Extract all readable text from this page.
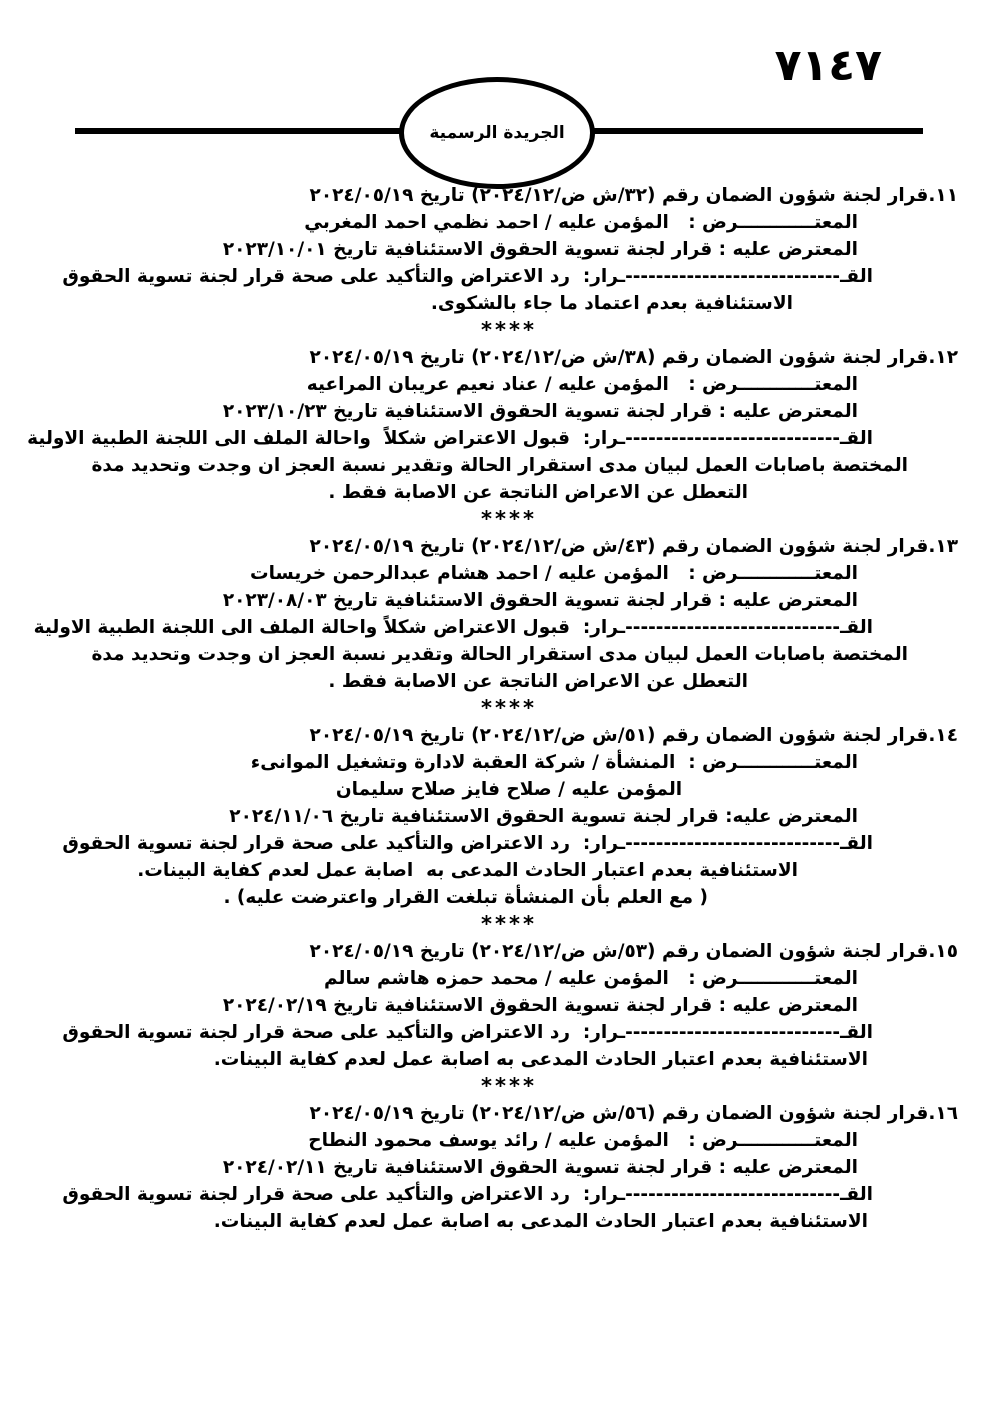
٧١٤٧
الجريدة الرسمية
١١.قرار لجنة شؤون الضمان رقم (٣٢/ش ض/٢٠٢٤/١٢) تاريخ ٢٠٢٤/٠٥/١٩
المعتــــــــــــرض :   المؤمن عليه / احمد نظمي احمد المغربي
المعترض عليه : قرار لجنة تسوية الحقوق الاستئنافية تاريخ ٢٠٢٣/١٠/٠١
القـ----------------------------ـرار:  رد الاعتراض والتأكيد على صحة قرار لجنة تسوية الحقوق
الاستئنافية بعدم اعتماد ما جاء بالشكوى.
****
١٢.قرار لجنة شؤون الضمان رقم (٣٨/ش ض/٢٠٢٤/١٢) تاريخ ٢٠٢٤/٠٥/١٩
المعتــــــــــــرض :   المؤمن عليه / عناد نعيم عريبان المراعيه
المعترض عليه : قرار لجنة تسوية الحقوق الاستئنافية تاريخ ٢٠٢٣/١٠/٢٣
القـ----------------------------ـرار:  قبول الاعتراض شكلاً  واحالة الملف الى اللجنة الطبية الاولية
المختصة باصابات العمل لبيان مدى استقرار الحالة وتقدير نسبة العجز ان وجدت وتحديد مدة
التعطل عن الاعراض الناتجة عن الاصابة فقط .
****
١٣.قرار لجنة شؤون الضمان رقم (٤٣/ش ض/٢٠٢٤/١٢) تاريخ ٢٠٢٤/٠٥/١٩
المعتــــــــــــرض :   المؤمن عليه / احمد هشام عبدالرحمن خريسات
المعترض عليه : قرار لجنة تسوية الحقوق الاستئنافية تاريخ ٢٠٢٣/٠٨/٠٣
القـ----------------------------ـرار:  قبول الاعتراض شكلاً واحالة الملف الى اللجنة الطبية الاولية
المختصة باصابات العمل لبيان مدى استقرار الحالة وتقدير نسبة العجز ان وجدت وتحديد مدة
التعطل عن الاعراض الناتجة عن الاصابة فقط .
****
١٤.قرار لجنة شؤون الضمان رقم (٥١/ش ض/٢٠٢٤/١٢) تاريخ ٢٠٢٤/٠٥/١٩
المعتــــــــــــرض :  المنشأة / شركة العقبة لادارة وتشغيل الموانىء
المؤمن عليه / صلاح فايز صلاح سليمان
المعترض عليه: قرار لجنة تسوية الحقوق الاستئنافية تاريخ ٢٠٢٤/١١/٠٦
القـ----------------------------ـرار:  رد الاعتراض والتأكيد على صحة قرار لجنة تسوية الحقوق
الاستئنافية بعدم اعتبار الحادث المدعى به  اصابة عمل لعدم كفاية البينات.
( مع العلم بأن المنشأة تبلغت القرار واعترضت عليه) .
****
١٥.قرار لجنة شؤون الضمان رقم (٥٣/ش ض/٢٠٢٤/١٢) تاريخ ٢٠٢٤/٠٥/١٩
المعتــــــــــــرض :   المؤمن عليه / محمد حمزه هاشم سالم
المعترض عليه : قرار لجنة تسوية الحقوق الاستئنافية تاريخ ٢٠٢٤/٠٢/١٩
القـ----------------------------ـرار:  رد الاعتراض والتأكيد على صحة قرار لجنة تسوية الحقوق
الاستئنافية بعدم اعتبار الحادث المدعى به اصابة عمل لعدم كفاية البينات.
****
١٦.قرار لجنة شؤون الضمان رقم (٥٦/ش ض/٢٠٢٤/١٢) تاريخ ٢٠٢٤/٠٥/١٩
المعتــــــــــــرض :   المؤمن عليه / رائد يوسف محمود النطاح
المعترض عليه : قرار لجنة تسوية الحقوق الاستئنافية تاريخ ٢٠٢٤/٠٢/١١
القـ----------------------------ـرار:  رد الاعتراض والتأكيد على صحة قرار لجنة تسوية الحقوق
الاستئنافية بعدم اعتبار الحادث المدعى به اصابة عمل لعدم كفاية البينات.
